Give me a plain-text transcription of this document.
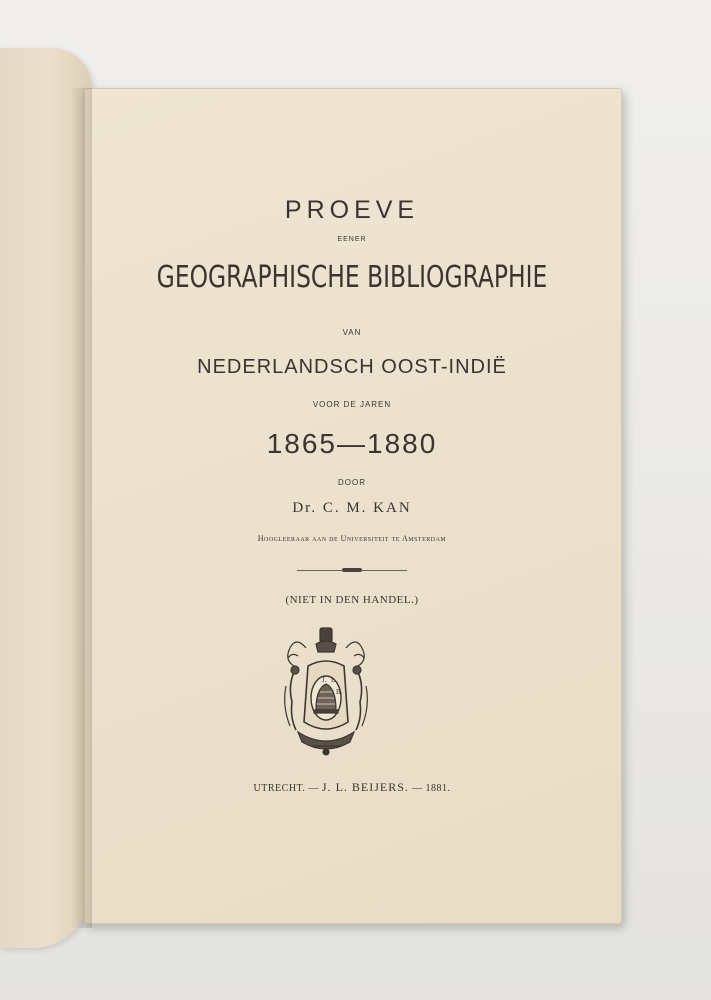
PROEVE
EENER
GEOGRAPHISCHE BIBLIOGRAPHIE
VAN
NEDERLANDSCH OOST-INDIË
VOOR DE JAREN
1865—1880
DOOR
Dr. C. M. KAN
Hoogleeraar aan de Universiteit te Amsterdam
(NIET IN DEN HANDEL.)
J. L.
B.
UTRECHT. — J. L. BEIJERS. — 1881.
